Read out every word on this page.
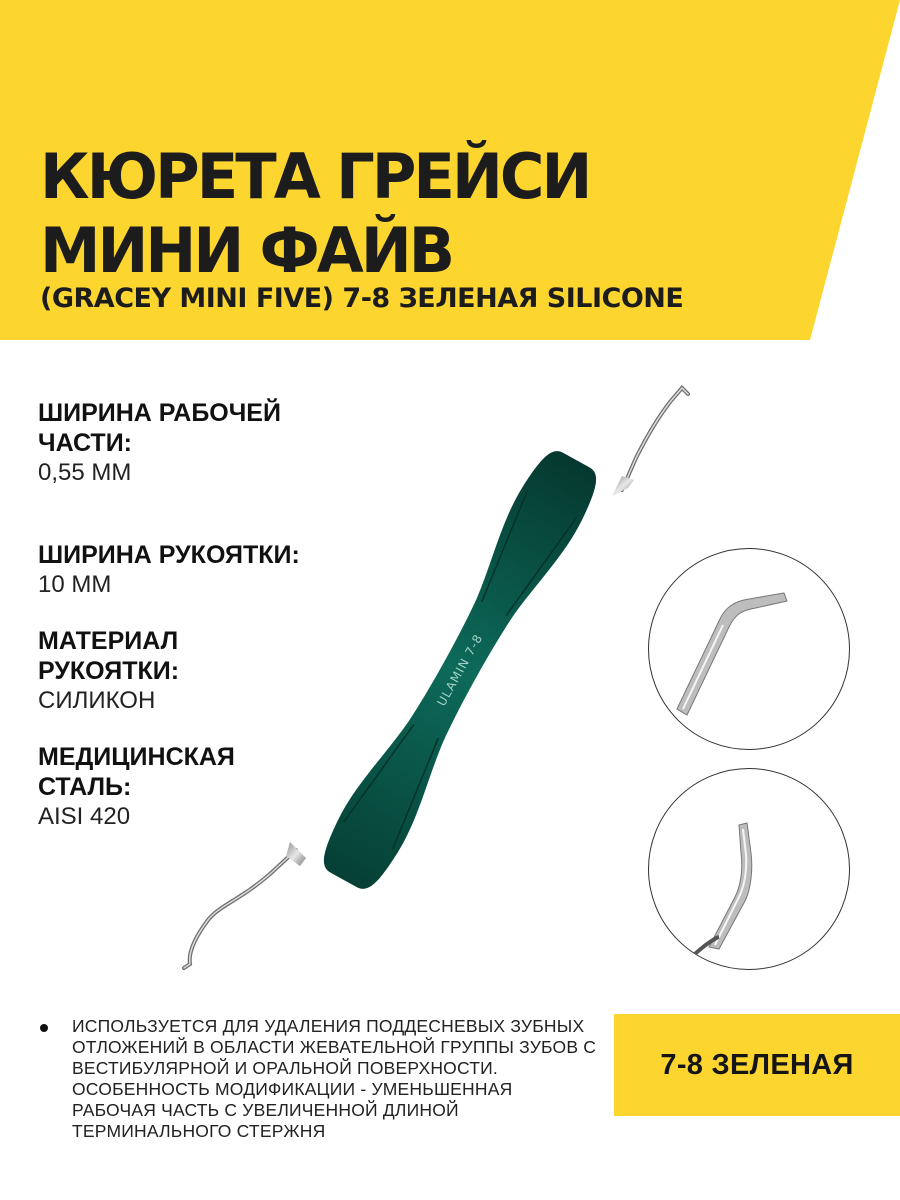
КЮРЕТА ГРЕЙСИ
МИНИ ФАЙВ

(GRACEY MINI FIVE) 7-8 ЗЕЛЕНАЯ SILICONE

ШИРИНА РАБОЧЕЙ ЧАСТИ:

0,55 ММ

ШИРИНА РУКОЯТКИ:

10 ММ

МАТЕРИАЛ РУКОЯТКИ:

СИЛИКОН

МЕДИЦИНСКАЯ СТАЛЬ:

AISI 420

ULAMIN 7-8

ИСПОЛЬЗУЕТСЯ ДЛЯ УДАЛЕНИЯ ПОДДЕСНЕВЫХ ЗУБНЫХ ОТЛОЖЕНИЙ В ОБЛАСТИ ЖЕВАТЕЛЬНОЙ ГРУППЫ ЗУБОВ С ВЕСТИБУЛЯРНОЙ И ОРАЛЬНОЙ ПОВЕРХНОСТИ. ОСОБЕННОСТЬ МОДИФИКАЦИИ - УМЕНЬШЕННАЯ РАБОЧАЯ ЧАСТЬ С УВЕЛИЧЕННОЙ ДЛИНОЙ ТЕРМИНАЛЬНОГО СТЕРЖНЯ

7-8 ЗЕЛЕНАЯ
